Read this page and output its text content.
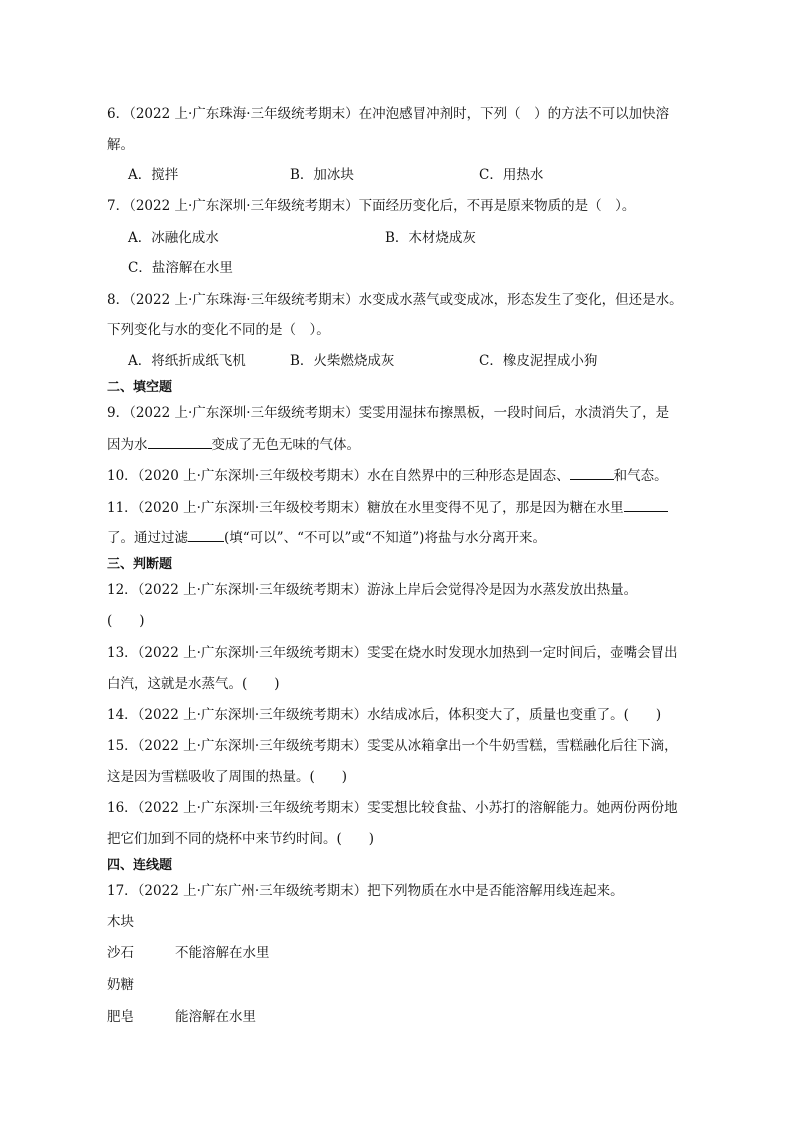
6．（2022 上·广东珠海·三年级统考期末）在冲泡感冒冲剂时，下列（　）的方法不可以加快溶
解。
A．搅拌	B．加冰块	C．用热水
7．（2022 上·广东深圳·三年级统考期末）下面经历变化后，不再是原来物质的是（　）。
A．冰融化成水	B．木材烧成灰
C．盐溶解在水里
8．（2022 上·广东珠海·三年级统考期末）水变成水蒸气或变成冰，形态发生了变化，但还是水。
下列变化与水的变化不同的是（　）。
A．将纸折成纸飞机	B．火柴燃烧成灰	C．橡皮泥捏成小狗
二、填空题
9．（2022 上·广东深圳·三年级统考期末）雯雯用湿抹布擦黑板，一段时间后，水渍消失了，是
因为水	变成了无色无味的气体。
10．（2020 上·广东深圳·三年级校考期末）水在自然界中的三种形态是固态、	和气态。
11．（2020 上·广东深圳·三年级校考期末）糖放在水里变得不见了，那是因为糖在水里
了。通过过滤	(填“可以”、“不可以”或“不知道”)将盐与水分离开来。
三、判断题
12．（2022 上·广东深圳·三年级统考期末）游泳上岸后会觉得冷是因为水蒸发放出热量。
(　　)
13．（2022 上·广东深圳·三年级统考期末）雯雯在烧水时发现水加热到一定时间后，壶嘴会冒出
白汽，这就是水蒸气。(　　)
14．（2022 上·广东深圳·三年级统考期末）水结成冰后，体积变大了，质量也变重了。(　　)
15．（2022 上·广东深圳·三年级统考期末）雯雯从冰箱拿出一个牛奶雪糕，雪糕融化后往下滴，
这是因为雪糕吸收了周围的热量。(　　)
16．（2022 上·广东深圳·三年级统考期末）雯雯想比较食盐、小苏打的溶解能力。她两份两份地
把它们加到不同的烧杯中来节约时间。(　　)
四、连线题
17．（2022 上·广东广州·三年级统考期末）把下列物质在水中是否能溶解用线连起来。
木块
沙石	不能溶解在水里
奶糖
肥皂	能溶解在水里
